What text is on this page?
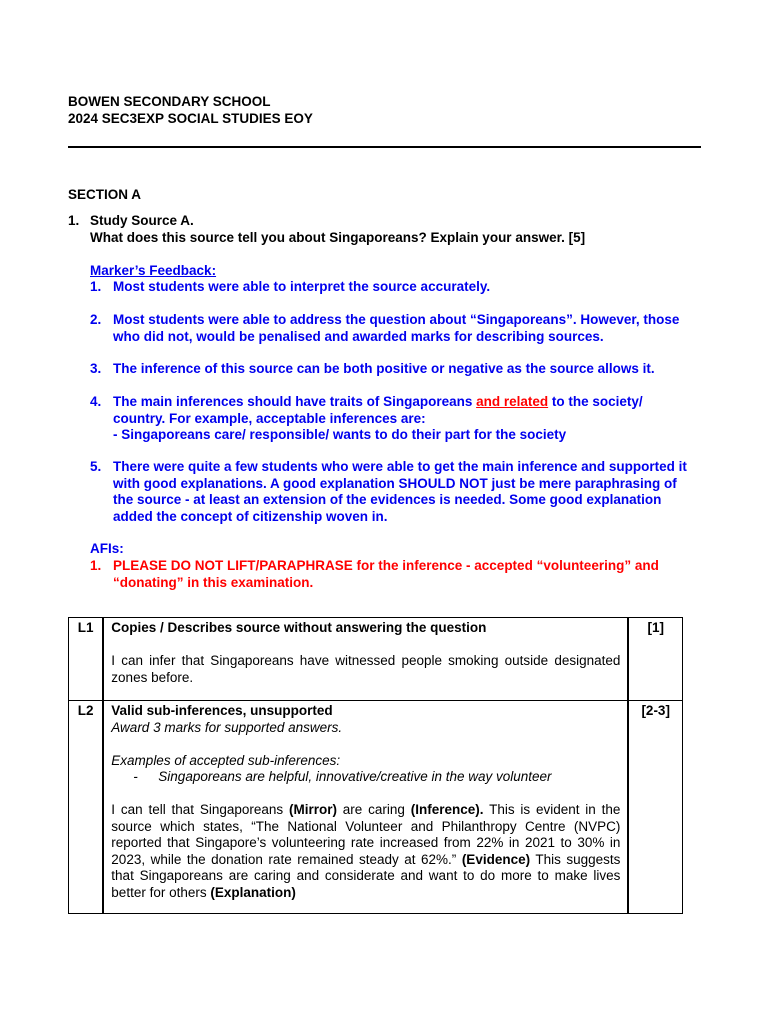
BOWEN SECONDARY SCHOOL
2024 SEC3EXP SOCIAL STUDIES EOY
SECTION A
1. Study Source A.
What does this source tell you about Singaporeans? Explain your answer. [5]
Marker’s Feedback:
1. Most students were able to interpret the source accurately.
2. Most students were able to address the question about “Singaporeans”. However, those
who did not, would be penalised and awarded marks for describing sources.
3. The inference of this source can be both positive or negative as the source allows it.
4. The main inferences should have traits of Singaporeans and related to the society/
country. For example, acceptable inferences are:
- Singaporeans care/ responsible/ wants to do their part for the society
5. There were quite a few students who were able to get the main inference and supported it
with good explanations. A good explanation SHOULD NOT just be mere paraphrasing of
the source - at least an extension of the evidences is needed. Some good explanation
added the concept of citizenship woven in.
AFIs:
1. PLEASE DO NOT LIFT/PARAPHRASE for the inference - accepted “volunteering” and
“donating” in this examination.
L1	Copies / Describes source without answering the question
I can infer that Singaporeans have witnessed people smoking outside designated zones before.	[1]
L2	Valid sub-inferences, unsupported
Award 3 marks for supported answers.
Examples of accepted sub-inferences:
- Singaporeans are helpful, innovative/creative in the way volunteer
I can tell that Singaporeans (Mirror) are caring (Inference). This is evident in the source which states, “The National Volunteer and Philanthropy Centre (NVPC) reported that Singapore’s volunteering rate increased from 22% in 2021 to 30% in 2023, while the donation rate remained steady at 62%.” (Evidence) This suggests that Singaporeans are caring and considerate and want to do more to make lives better for others (Explanation)	[2-3]
